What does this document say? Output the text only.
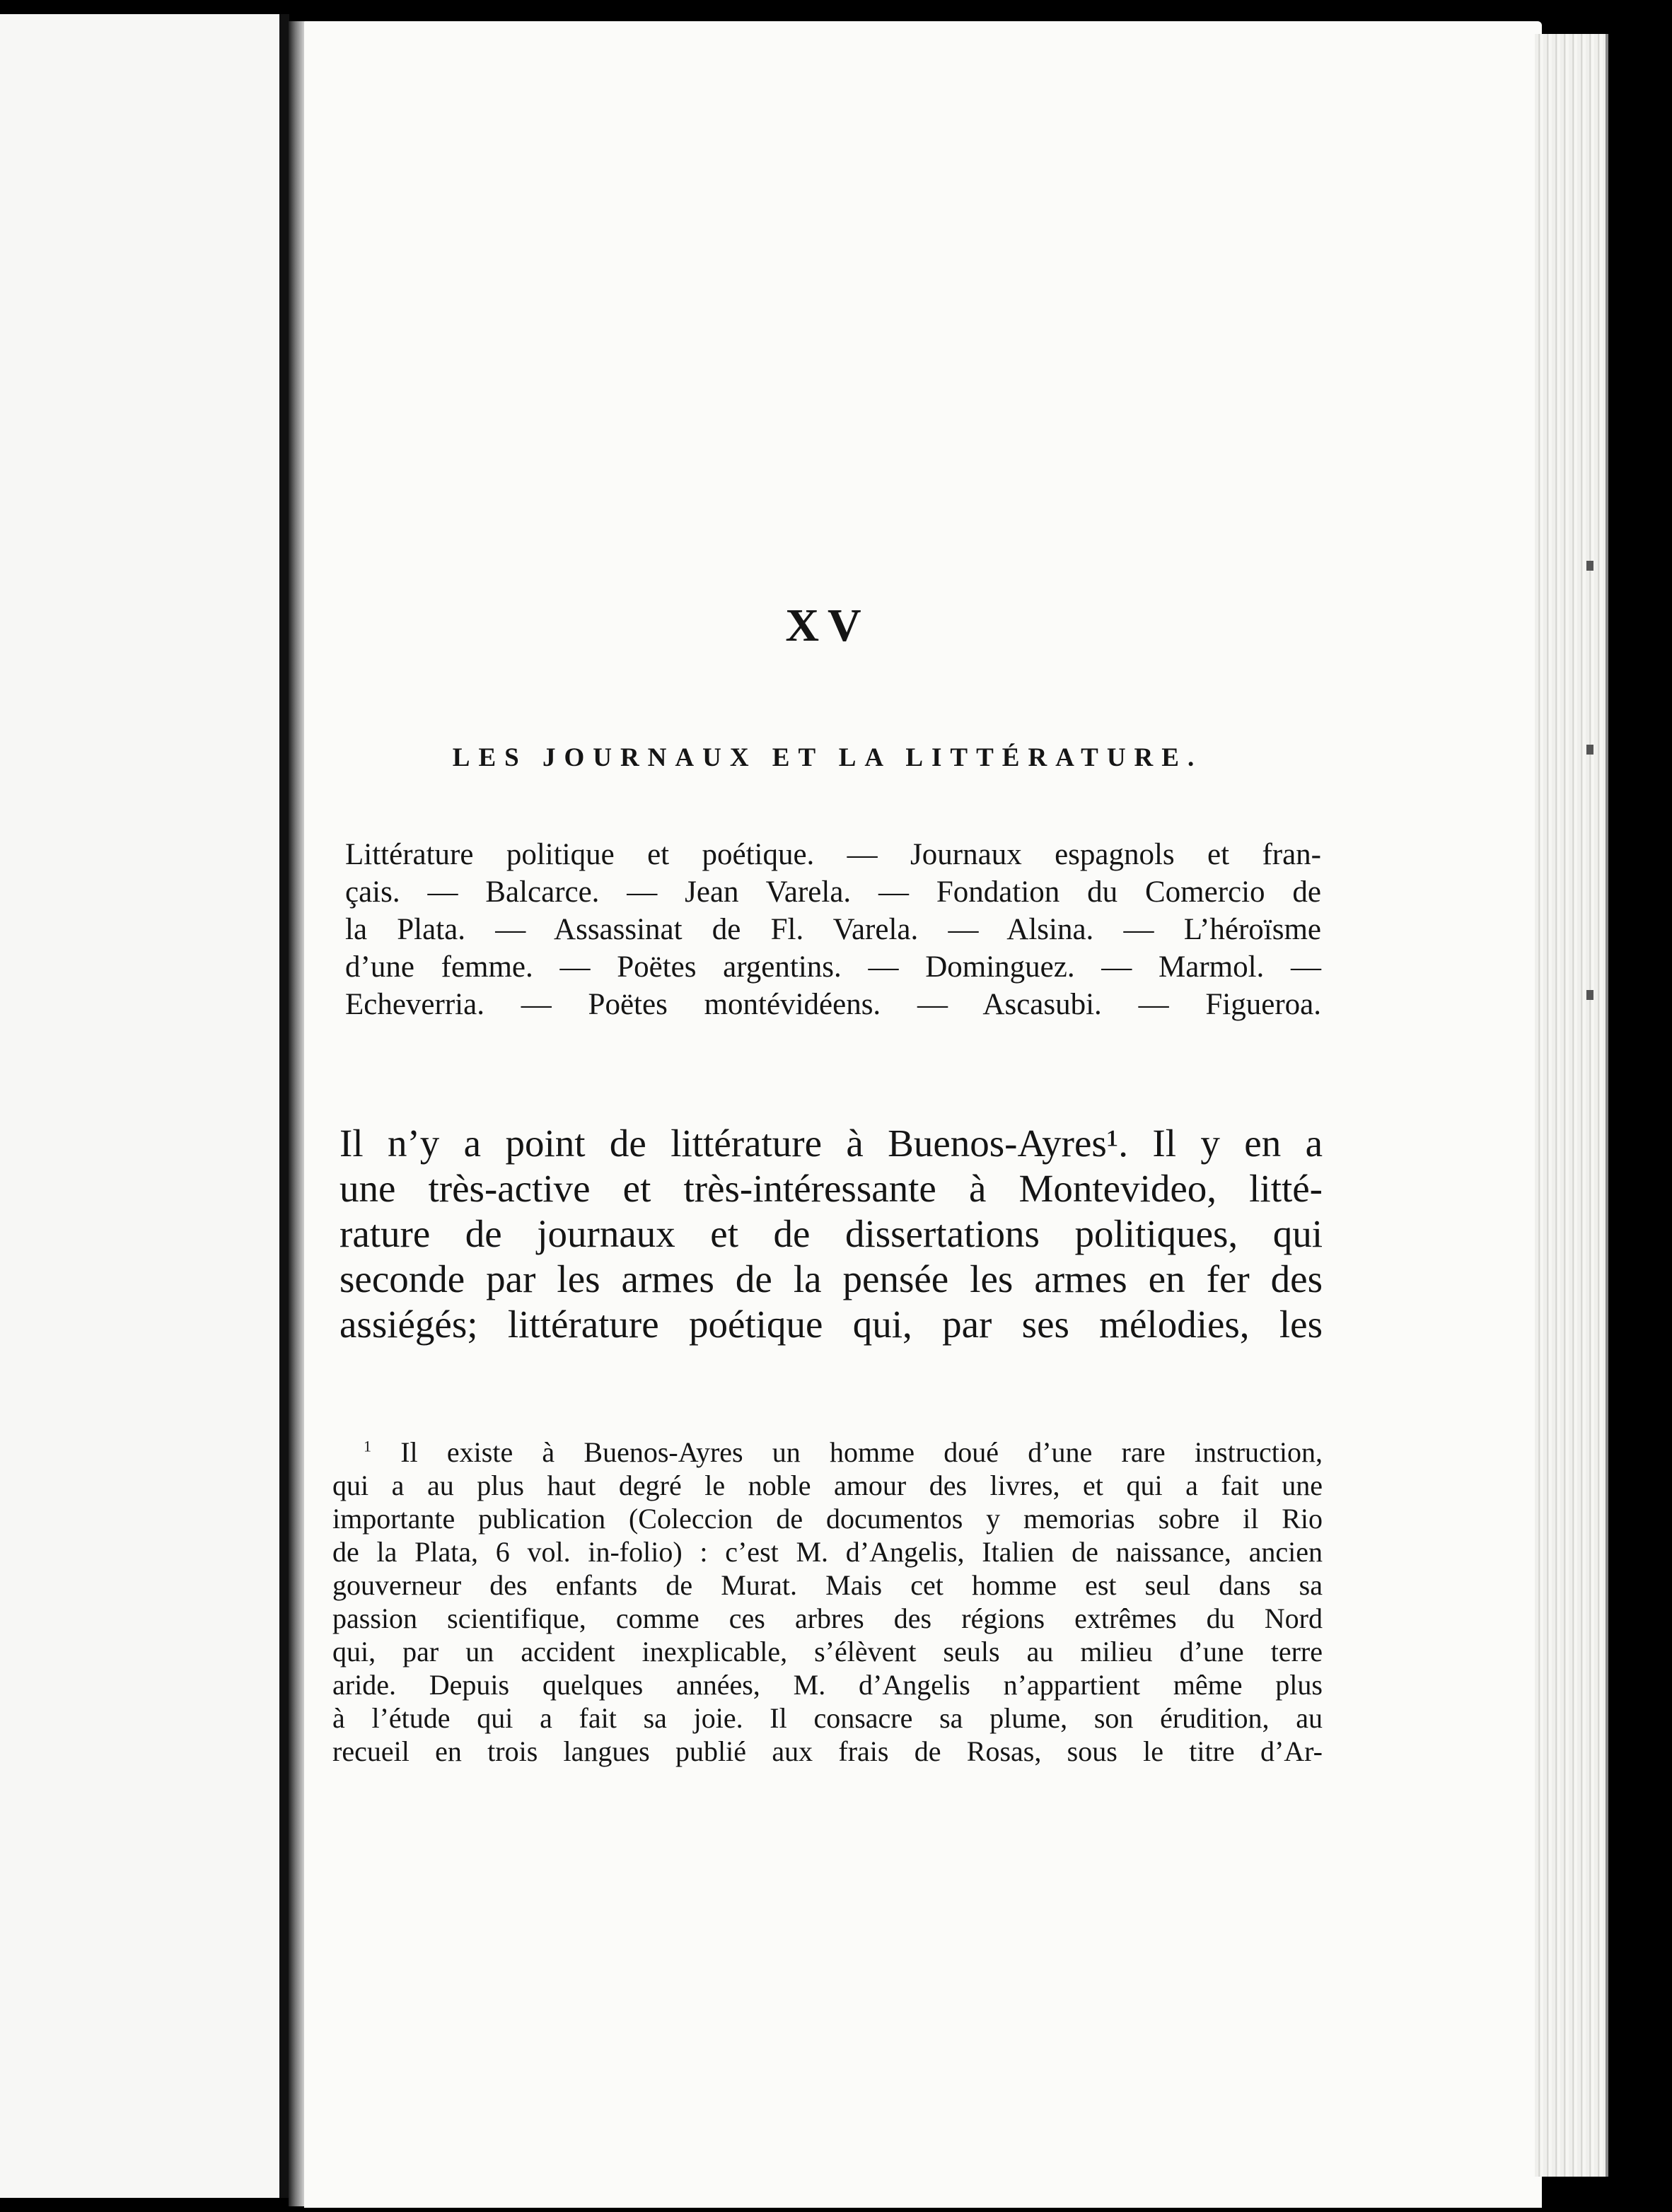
XV
LES JOURNAUX ET LA LITTÉRATURE.

Littérature politique et poétique. — Journaux espagnols et fran-
çais. — Balcarce. — Jean Varela. — Fondation du Comercio de
la Plata. — Assassinat de Fl. Varela. — Alsina. — L’héroïsme
d’une femme. — Poëtes argentins. — Dominguez. — Marmol. —
Echeverria. — Poëtes montévidéens. — Ascasubi. — Figueroa.

Il n’y a point de littérature à Buenos-Ayres¹. Il y en a
une très-active et très-intéressante à Montevideo, litté-
rature de journaux et de dissertations politiques, qui
seconde par les armes de la pensée les armes en fer des
assiégés; littérature poétique qui, par ses mélodies, les

$^1$ Il existe à Buenos-Ayres un homme doué d’une rare instruction,
qui a au plus haut degré le noble amour des livres, et qui a fait une
importante publication (Coleccion de documentos y memorias sobre il Rio
de la Plata, 6 vol. in-folio) : c’est M. d’Angelis, Italien de naissance, ancien
gouverneur des enfants de Murat. Mais cet homme est seul dans sa
passion scientifique, comme ces arbres des régions extrêmes du Nord
qui, par un accident inexplicable, s’élèvent seuls au milieu d’une terre
aride. Depuis quelques années, M. d’Angelis n’appartient même plus
à l’étude qui a fait sa joie. Il consacre sa plume, son érudition, au
recueil en trois langues publié aux frais de Rosas, sous le titre d’Ar-
